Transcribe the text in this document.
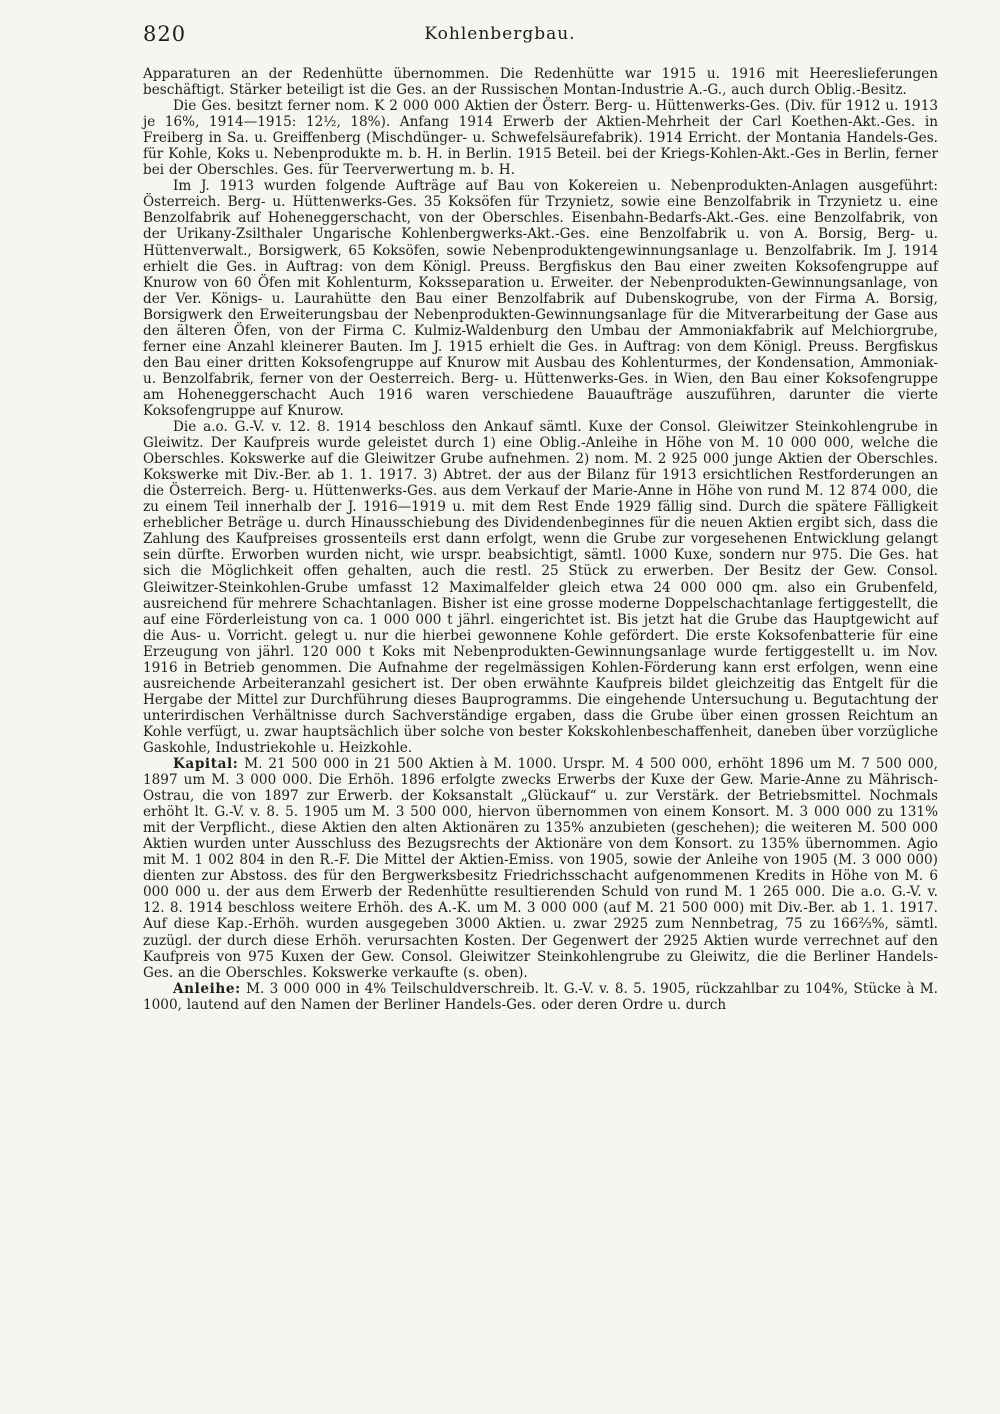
820	Kohlenbergbau.

Apparaturen an der Redenhütte übernommen. Die Redenhütte war 1915 u. 1916 mit Heereslieferungen beschäftigt. Stärker beteiligt ist die Ges. an der Russischen Montan-Industrie A.-G., auch durch Oblig.-Besitz.

Die Ges. besitzt ferner nom. K 2 000 000 Aktien der Österr. Berg- u. Hüttenwerks-Ges. (Div. für 1912 u. 1913 je 16%, 1914—1915: 12½, 18%). Anfang 1914 Erwerb der Aktien-Mehrheit der Carl Koethen-Akt.-Ges. in Freiberg in Sa. u. Greiffenberg (Mischdünger- u. Schwefelsäurefabrik). 1914 Erricht. der Montania Handels-Ges. für Kohle, Koks u. Nebenprodukte m. b. H. in Berlin. 1915 Beteil. bei der Kriegs-Kohlen-Akt.-Ges in Berlin, ferner bei der Oberschles. Ges. für Teerverwertung m. b. H.

Im J. 1913 wurden folgende Aufträge auf Bau von Kokereien u. Nebenprodukten-Anlagen ausgeführt: Österreich. Berg- u. Hüttenwerks-Ges. 35 Koksöfen für Trzynietz, sowie eine Benzolfabrik in Trzynietz u. eine Benzolfabrik auf Hoheneggerschacht, von der Oberschles. Eisenbahn-Bedarfs-Akt.-Ges. eine Benzolfabrik, von der Urikany-Zsilthaler Ungarische Kohlenbergwerks-Akt.-Ges. eine Benzolfabrik u. von A. Borsig, Berg- u. Hüttenverwalt., Borsigwerk, 65 Koksöfen, sowie Nebenproduktengewinnungsanlage u. Benzolfabrik. Im J. 1914 erhielt die Ges. in Auftrag: von dem Königl. Preuss. Bergfiskus den Bau einer zweiten Koksofengruppe auf Knurow von 60 Öfen mit Kohlenturm, Koksseparation u. Erweiter. der Nebenprodukten-Gewinnungsanlage, von der Ver. Königs- u. Laurahütte den Bau einer Benzolfabrik auf Dubenskogrube, von der Firma A. Borsig, Borsigwerk den Erweiterungsbau der Nebenprodukten-Gewinnungsanlage für die Mitverarbeitung der Gase aus den älteren Öfen, von der Firma C. Kulmiz-Waldenburg den Umbau der Ammoniakfabrik auf Melchiorgrube, ferner eine Anzahl kleinerer Bauten. Im J. 1915 erhielt die Ges. in Auftrag: von dem Königl. Preuss. Bergfiskus den Bau einer dritten Koksofengruppe auf Knurow mit Ausbau des Kohlenturmes, der Kondensation, Ammoniak- u. Benzolfabrik, ferner von der Oesterreich. Berg- u. Hüttenwerks-Ges. in Wien, den Bau einer Koksofengruppe am Hoheneggerschacht Auch 1916 waren verschiedene Bauaufträge auszuführen, darunter die vierte Koksofengruppe auf Knurow.

Die a.o. G.-V. v. 12. 8. 1914 beschloss den Ankauf sämtl. Kuxe der Consol. Gleiwitzer Steinkohlengrube in Gleiwitz. Der Kaufpreis wurde geleistet durch 1) eine Oblig.-Anleihe in Höhe von M. 10 000 000, welche die Oberschles. Kokswerke auf die Gleiwitzer Grube aufnehmen. 2) nom. M. 2 925 000 junge Aktien der Oberschles. Kokswerke mit Div.-Ber. ab 1. 1. 1917. 3) Abtret. der aus der Bilanz für 1913 ersichtlichen Restforderungen an die Österreich. Berg- u. Hüttenwerks-Ges. aus dem Verkauf der Marie-Anne in Höhe von rund M. 12 874 000, die zu einem Teil innerhalb der J. 1916—1919 u. mit dem Rest Ende 1929 fällig sind. Durch die spätere Fälligkeit erheblicher Beträge u. durch Hinausschiebung des Dividendenbeginnes für die neuen Aktien ergibt sich, dass die Zahlung des Kaufpreises grossenteils erst dann erfolgt, wenn die Grube zur vorgesehenen Entwicklung gelangt sein dürfte. Erworben wurden nicht, wie urspr. beabsichtigt, sämtl. 1000 Kuxe, sondern nur 975. Die Ges. hat sich die Möglichkeit offen gehalten, auch die restl. 25 Stück zu erwerben. Der Besitz der Gew. Consol. Gleiwitzer-Steinkohlen-Grube umfasst 12 Maximalfelder gleich etwa 24 000 000 qm. also ein Grubenfeld, ausreichend für mehrere Schachtanlagen. Bisher ist eine grosse moderne Doppelschachtanlage fertiggestellt, die auf eine Förderleistung von ca. 1 000 000 t jährl. eingerichtet ist. Bis jetzt hat die Grube das Hauptgewicht auf die Aus- u. Vorricht. gelegt u. nur die hierbei gewonnene Kohle gefördert. Die erste Koksofenbatterie für eine Erzeugung von jährl. 120 000 t Koks mit Nebenprodukten-Gewinnungsanlage wurde fertiggestellt u. im Nov. 1916 in Betrieb genommen. Die Aufnahme der regelmässigen Kohlen-Förderung kann erst erfolgen, wenn eine ausreichende Arbeiteranzahl gesichert ist. Der oben erwähnte Kaufpreis bildet gleichzeitig das Entgelt für die Hergabe der Mittel zur Durchführung dieses Bauprogramms. Die eingehende Untersuchung u. Begutachtung der unterirdischen Verhältnisse durch Sachverständige ergaben, dass die Grube über einen grossen Reichtum an Kohle verfügt, u. zwar hauptsächlich über solche von bester Kokskohlenbeschaffenheit, daneben über vorzügliche Gaskohle, Industriekohle u. Heizkohle.

Kapital: M. 21 500 000 in 21 500 Aktien à M. 1000. Urspr. M. 4 500 000, erhöht 1896 um M. 7 500 000, 1897 um M. 3 000 000. Die Erhöh. 1896 erfolgte zwecks Erwerbs der Kuxe der Gew. Marie-Anne zu Mährisch-Ostrau, die von 1897 zur Erwerb. der Koksanstalt „Glückauf“ u. zur Verstärk. der Betriebsmittel. Nochmals erhöht lt. G.-V. v. 8. 5. 1905 um M. 3 500 000, hiervon übernommen von einem Konsort. M. 3 000 000 zu 131% mit der Verpflicht., diese Aktien den alten Aktionären zu 135% anzubieten (geschehen); die weiteren M. 500 000 Aktien wurden unter Ausschluss des Bezugsrechts der Aktionäre von dem Konsort. zu 135% übernommen. Agio mit M. 1 002 804 in den R.-F. Die Mittel der Aktien-Emiss. von 1905, sowie der Anleihe von 1905 (M. 3 000 000) dienten zur Abstoss. des für den Bergwerksbesitz Friedrichsschacht aufgenommenen Kredits in Höhe von M. 6 000 000 u. der aus dem Erwerb der Redenhütte resultierenden Schuld von rund M. 1 265 000. Die a.o. G.-V. v. 12. 8. 1914 beschloss weitere Erhöh. des A.-K. um M. 3 000 000 (auf M. 21 500 000) mit Div.-Ber. ab 1. 1. 1917. Auf diese Kap.-Erhöh. wurden ausgegeben 3000 Aktien. u. zwar 2925 zum Nennbetrag, 75 zu 166⅔%, sämtl. zuzügl. der durch diese Erhöh. verursachten Kosten. Der Gegenwert der 2925 Aktien wurde verrechnet auf den Kaufpreis von 975 Kuxen der Gew. Consol. Gleiwitzer Steinkohlengrube zu Gleiwitz, die die Berliner Handels-Ges. an die Oberschles. Kokswerke verkaufte (s. oben).

Anleihe: M. 3 000 000 in 4% Teilschuldverschreib. lt. G.-V. v. 8. 5. 1905, rückzahlbar zu 104%, Stücke à M. 1000, lautend auf den Namen der Berliner Handels-Ges. oder deren Ordre u. durch
